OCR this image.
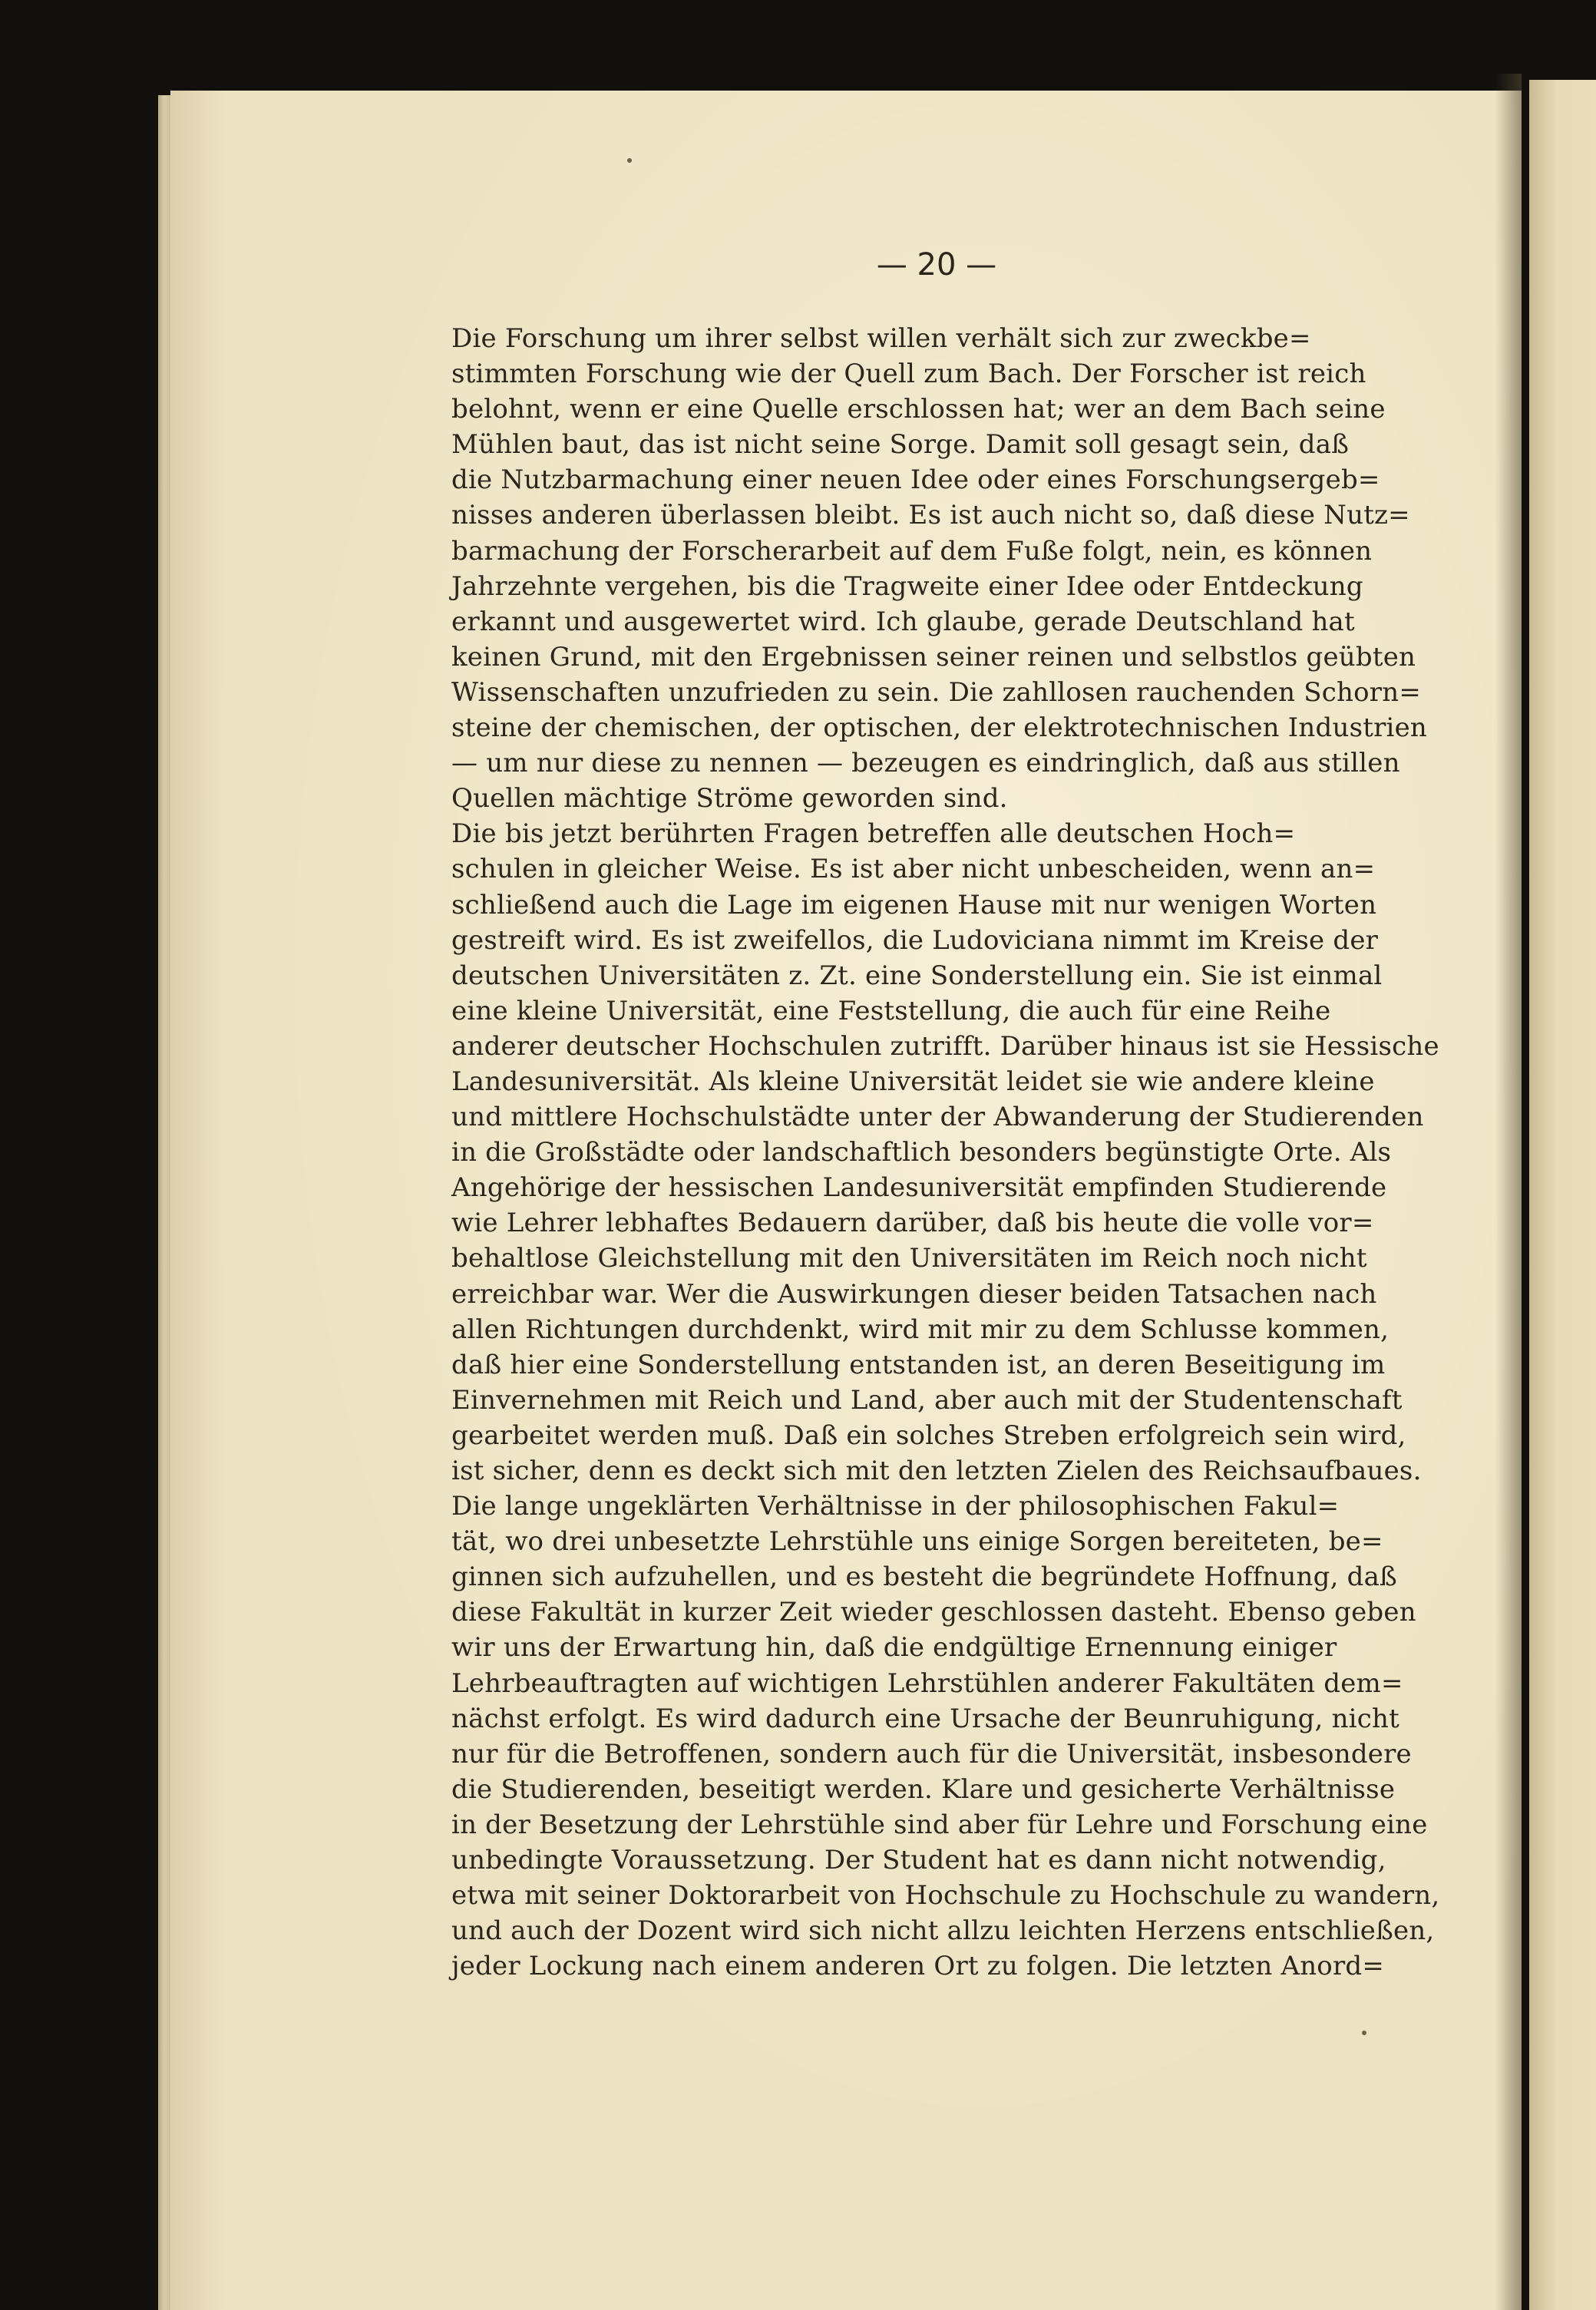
— 20 —
Die Forschung um ihrer selbst willen verhält sich zur zweckbe=
stimmten Forschung wie der Quell zum Bach. Der Forscher ist reich
belohnt, wenn er eine Quelle erschlossen hat; wer an dem Bach seine
Mühlen baut, das ist nicht seine Sorge. Damit soll gesagt sein, daß
die Nutzbarmachung einer neuen Idee oder eines Forschungsergeb=
nisses anderen überlassen bleibt. Es ist auch nicht so, daß diese Nutz=
barmachung der Forscherarbeit auf dem Fuße folgt, nein, es können
Jahrzehnte vergehen, bis die Tragweite einer Idee oder Entdeckung
erkannt und ausgewertet wird. Ich glaube, gerade Deutschland hat
keinen Grund, mit den Ergebnissen seiner reinen und selbstlos geübten
Wissenschaften unzufrieden zu sein. Die zahllosen rauchenden Schorn=
steine der chemischen, der optischen, der elektrotechnischen Industrien
— um nur diese zu nennen — bezeugen es eindringlich, daß aus stillen
Quellen mächtige Ströme geworden sind.
Die bis jetzt berührten Fragen betreffen alle deutschen Hoch=
schulen in gleicher Weise. Es ist aber nicht unbescheiden, wenn an=
schließend auch die Lage im eigenen Hause mit nur wenigen Worten
gestreift wird. Es ist zweifellos, die Ludoviciana nimmt im Kreise der
deutschen Universitäten z. Zt. eine Sonderstellung ein. Sie ist einmal
eine kleine Universität, eine Feststellung, die auch für eine Reihe
anderer deutscher Hochschulen zutrifft. Darüber hinaus ist sie Hessische
Landesuniversität. Als kleine Universität leidet sie wie andere kleine
und mittlere Hochschulstädte unter der Abwanderung der Studierenden
in die Großstädte oder landschaftlich besonders begünstigte Orte. Als
Angehörige der hessischen Landesuniversität empfinden Studierende
wie Lehrer lebhaftes Bedauern darüber, daß bis heute die volle vor=
behaltlose Gleichstellung mit den Universitäten im Reich noch nicht
erreichbar war. Wer die Auswirkungen dieser beiden Tatsachen nach
allen Richtungen durchdenkt, wird mit mir zu dem Schlusse kommen,
daß hier eine Sonderstellung entstanden ist, an deren Beseitigung im
Einvernehmen mit Reich und Land, aber auch mit der Studentenschaft
gearbeitet werden muß. Daß ein solches Streben erfolgreich sein wird,
ist sicher, denn es deckt sich mit den letzten Zielen des Reichsaufbaues.
Die lange ungeklärten Verhältnisse in der philosophischen Fakul=
tät, wo drei unbesetzte Lehrstühle uns einige Sorgen bereiteten, be=
ginnen sich aufzuhellen, und es besteht die begründete Hoffnung, daß
diese Fakultät in kurzer Zeit wieder geschlossen dasteht. Ebenso geben
wir uns der Erwartung hin, daß die endgültige Ernennung einiger
Lehrbeauftragten auf wichtigen Lehrstühlen anderer Fakultäten dem=
nächst erfolgt. Es wird dadurch eine Ursache der Beunruhigung, nicht
nur für die Betroffenen, sondern auch für die Universität, insbesondere
die Studierenden, beseitigt werden. Klare und gesicherte Verhältnisse
in der Besetzung der Lehrstühle sind aber für Lehre und Forschung eine
unbedingte Voraussetzung. Der Student hat es dann nicht notwendig,
etwa mit seiner Doktorarbeit von Hochschule zu Hochschule zu wandern,
und auch der Dozent wird sich nicht allzu leichten Herzens entschließen,
jeder Lockung nach einem anderen Ort zu folgen. Die letzten Anord=
